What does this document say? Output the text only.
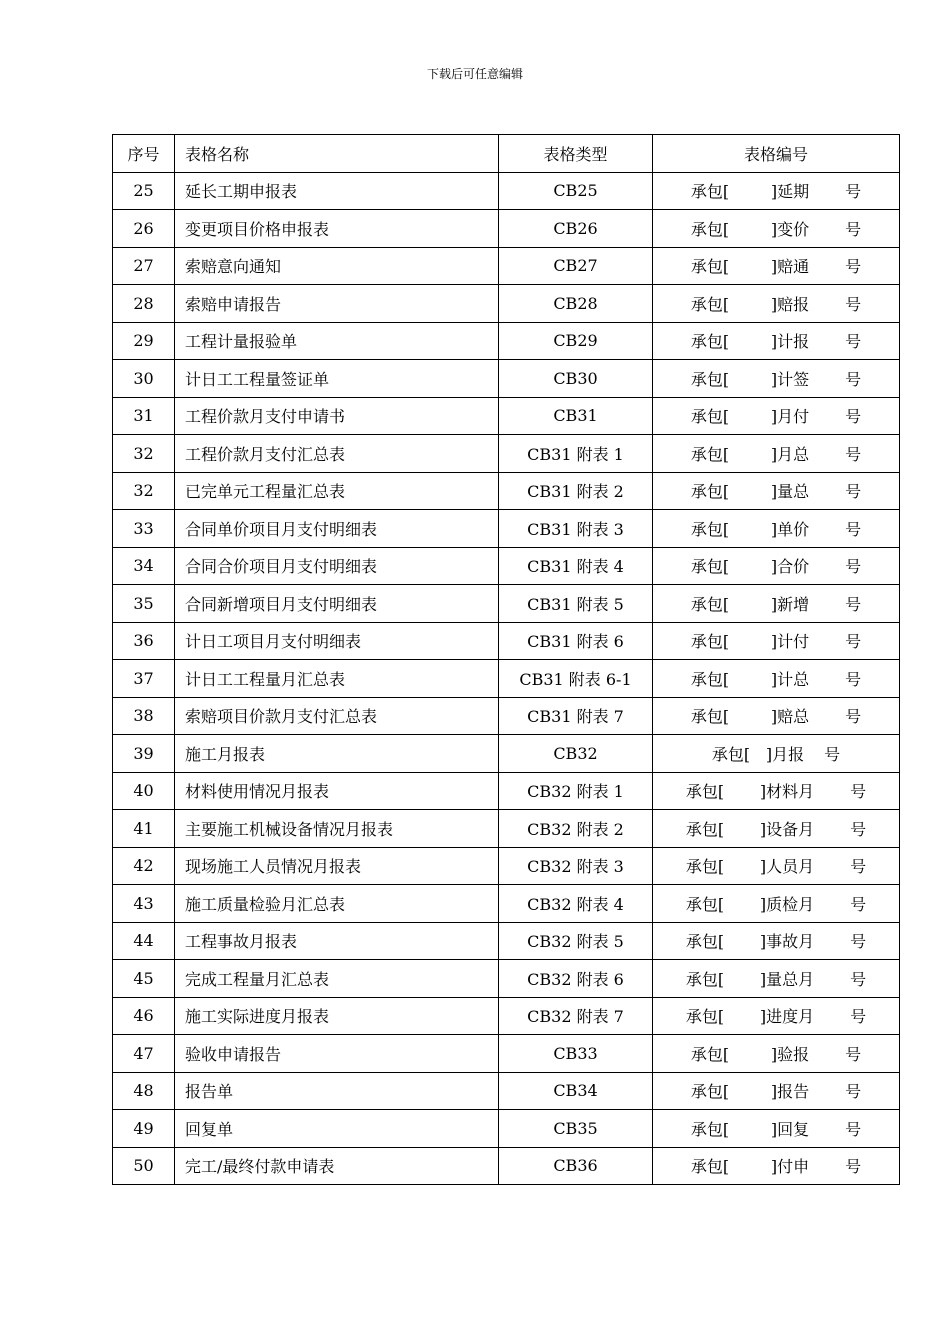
下载后可任意编辑
序号	表格名称	表格类型	表格编号
25	延长工期申报表	CB25	承包[ ]延期 号
26	变更项目价格申报表	CB26	承包[ ]变价 号
27	索赔意向通知	CB27	承包[ ]赔通 号
28	索赔申请报告	CB28	承包[ ]赔报 号
29	工程计量报验单	CB29	承包[ ]计报 号
30	计日工工程量签证单	CB30	承包[ ]计签 号
31	工程价款月支付申请书	CB31	承包[ ]月付 号
32	工程价款月支付汇总表	CB31 附表 1	承包[ ]月总 号
32	已完单元工程量汇总表	CB31 附表 2	承包[ ]量总 号
33	合同单价项目月支付明细表	CB31 附表 3	承包[ ]单价 号
34	合同合价项目月支付明细表	CB31 附表 4	承包[ ]合价 号
35	合同新增项目月支付明细表	CB31 附表 5	承包[ ]新增 号
36	计日工项目月支付明细表	CB31 附表 6	承包[ ]计付 号
37	计日工工程量月汇总表	CB31 附表 6-1	承包[ ]计总 号
38	索赔项目价款月支付汇总表	CB31 附表 7	承包[ ]赔总 号
39	施工月报表	CB32	承包[ ]月报 号
40	材料使用情况月报表	CB32 附表 1	承包[ ]材料月 号
41	主要施工机械设备情况月报表	CB32 附表 2	承包[ ]设备月 号
42	现场施工人员情况月报表	CB32 附表 3	承包[ ]人员月 号
43	施工质量检验月汇总表	CB32 附表 4	承包[ ]质检月 号
44	工程事故月报表	CB32 附表 5	承包[ ]事故月 号
45	完成工程量月汇总表	CB32 附表 6	承包[ ]量总月 号
46	施工实际进度月报表	CB32 附表 7	承包[ ]进度月 号
47	验收申请报告	CB33	承包[ ]验报 号
48	报告单	CB34	承包[ ]报告 号
49	回复单	CB35	承包[ ]回复 号
50	完工/最终付款申请表	CB36	承包[ ]付申 号
